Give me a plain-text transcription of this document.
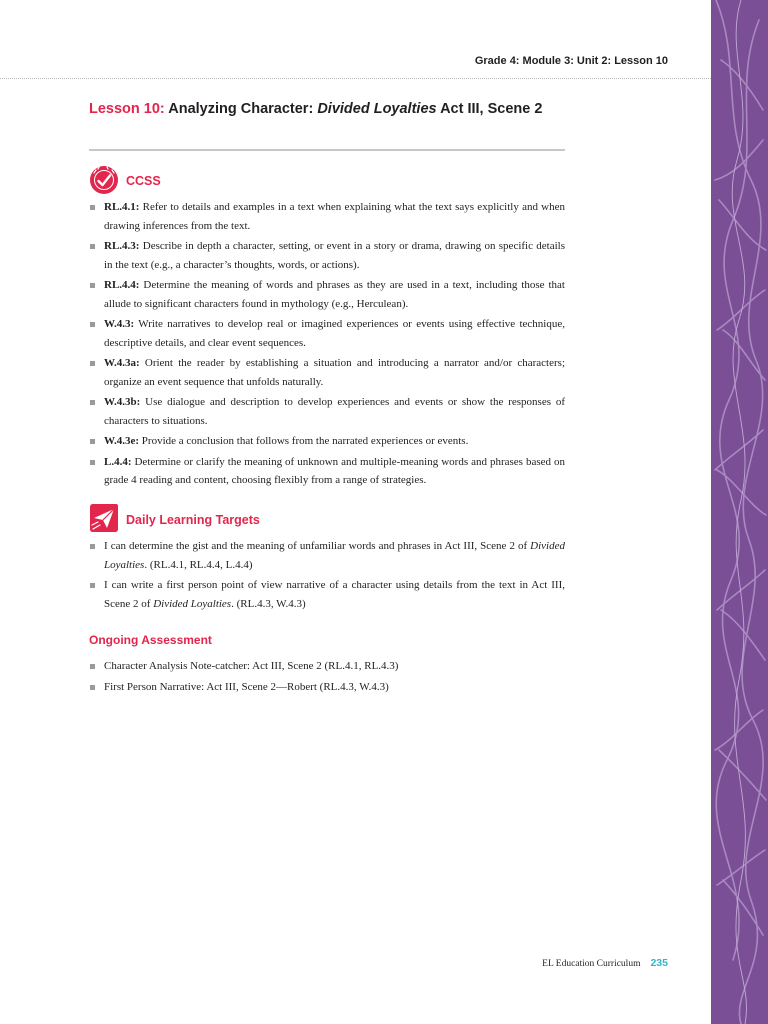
Grade 4: Module 3: Unit 2: Lesson 10
Lesson 10: Analyzing Character: Divided Loyalties Act III, Scene 2
CCSS
RL.4.1: Refer to details and examples in a text when explaining what the text says explicitly and when drawing inferences from the text.
RL.4.3: Describe in depth a character, setting, or event in a story or drama, drawing on specific details in the text (e.g., a character’s thoughts, words, or actions).
RL.4.4: Determine the meaning of words and phrases as they are used in a text, including those that allude to significant characters found in mythology (e.g., Herculean).
W.4.3: Write narratives to develop real or imagined experiences or events using effective technique, descriptive details, and clear event sequences.
W.4.3a: Orient the reader by establishing a situation and introducing a narrator and/or characters; organize an event sequence that unfolds naturally.
W.4.3b: Use dialogue and description to develop experiences and events or show the responses of characters to situations.
W.4.3e: Provide a conclusion that follows from the narrated experiences or events.
L.4.4: Determine or clarify the meaning of unknown and multiple-meaning words and phrases based on grade 4 reading and content, choosing flexibly from a range of strategies.
Daily Learning Targets
I can determine the gist and the meaning of unfamiliar words and phrases in Act III, Scene 2 of Divided Loyalties. (RL.4.1, RL.4.4, L.4.4)
I can write a first person point of view narrative of a character using details from the text in Act III, Scene 2 of Divided Loyalties. (RL.4.3, W.4.3)
Ongoing Assessment
Character Analysis Note-catcher: Act III, Scene 2 (RL.4.1, RL.4.3)
First Person Narrative: Act III, Scene 2—Robert (RL.4.3, W.4.3)
EL Education Curriculum 235
